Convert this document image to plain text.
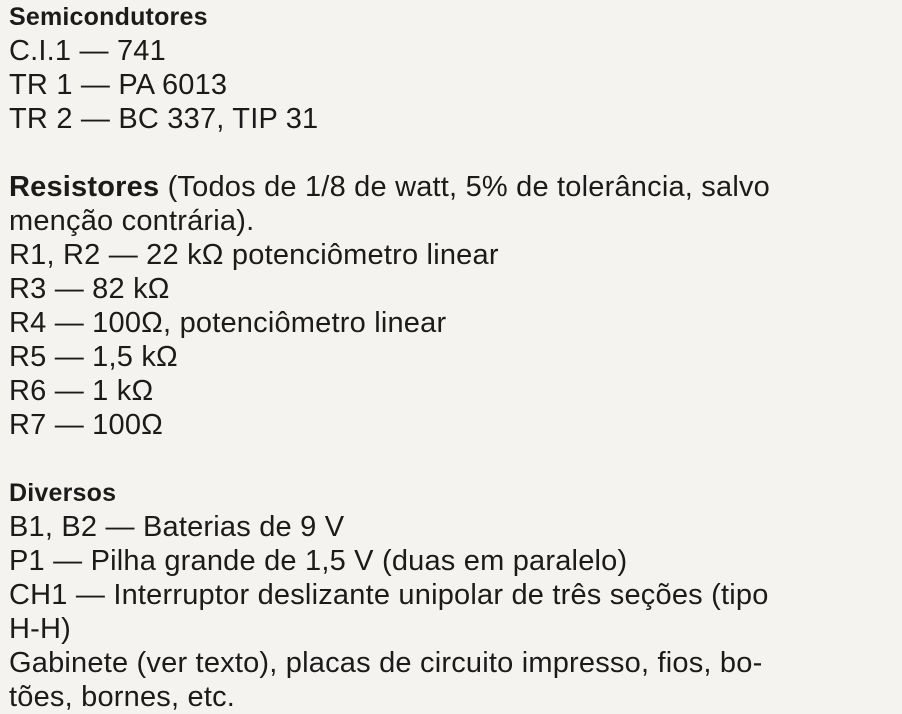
Semicondutores
C.I.1 — 741
TR 1 — PA 6013
TR 2 — BC 337, TIP 31
Resistores (Todos de 1/8 de watt, 5% de tolerância, salvo
menção contrária).
R1, R2 — 22 kΩ potenciômetro linear
R3 — 82 kΩ
R4 — 100Ω, potenciômetro linear
R5 — 1,5 kΩ
R6 — 1 kΩ
R7 — 100Ω
Diversos
B1, B2 — Baterias de 9 V
P1 — Pilha grande de 1,5 V (duas em paralelo)
CH1 — Interruptor deslizante unipolar de três seções (tipo
H-H)
Gabinete (ver texto), placas de circuito impresso, fios, bo-
tões, bornes, etc.
